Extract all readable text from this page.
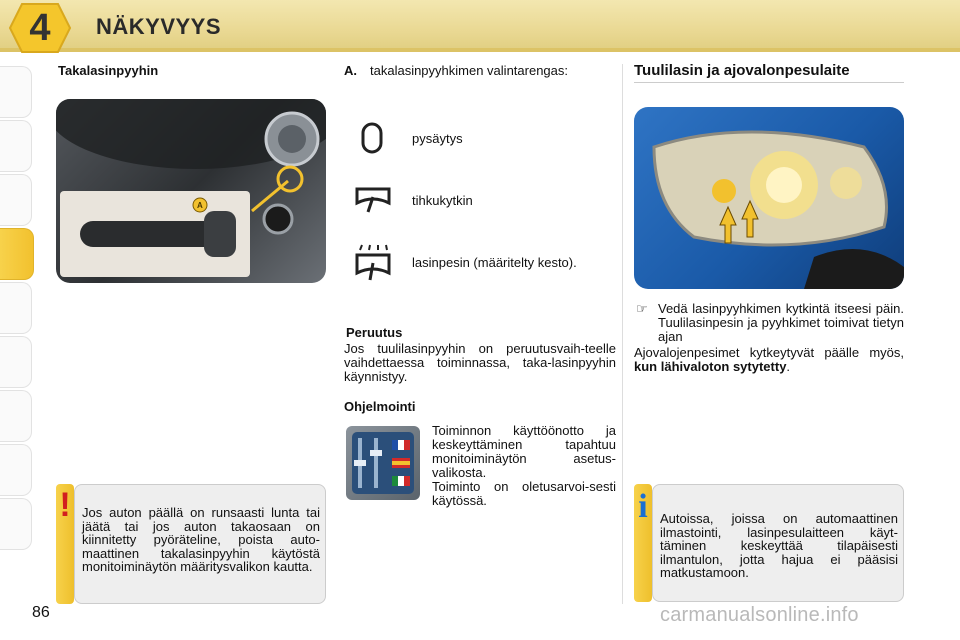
4	NÄKYVYYS
Takalasinpyyhin
A
! Jos auton päällä on runsaasti lunta tai jäätä tai jos auton takaosaan on kiinnitetty pyöräteline, poista auto-maattinen takalasinpyyhin käytöstä monitoiminäytön määritysvalikon kautta.
A. takalasinpyyhkimen valintarengas:
pysäytys
tihkukytkin
lasinpesin (määritelty kesto).
Peruutus
Jos tuulilasinpyyhin on peruutusvaih-teelle vaihdettaessa toiminnassa, taka-lasinpyyhin käynnistyy.
Ohjelmointi
Toiminnon käyttöönotto ja keskeyttäminen tapahtuu monitoiminäytön asetus-valikosta.
Toiminto on oletusarvoi-sesti käytössä.
Tuulilasin ja ajovalonpesulaite
☞ Vedä lasinpyyhkimen kytkintä itseesi päin. Tuulilasinpesin ja pyyhkimet toimivat tietyn ajan
Ajovalojenpesimet kytkeytyvät päälle myös, kun lähivaloton sytytetty.
i Autoissa, joissa on automaattinen ilmastointi, lasinpesulaitteen käyt-täminen keskeyttää tilapäisesti ilmantulon, jotta hajua ei pääsisi matkustamoon.
86	carmanualsonline.info
